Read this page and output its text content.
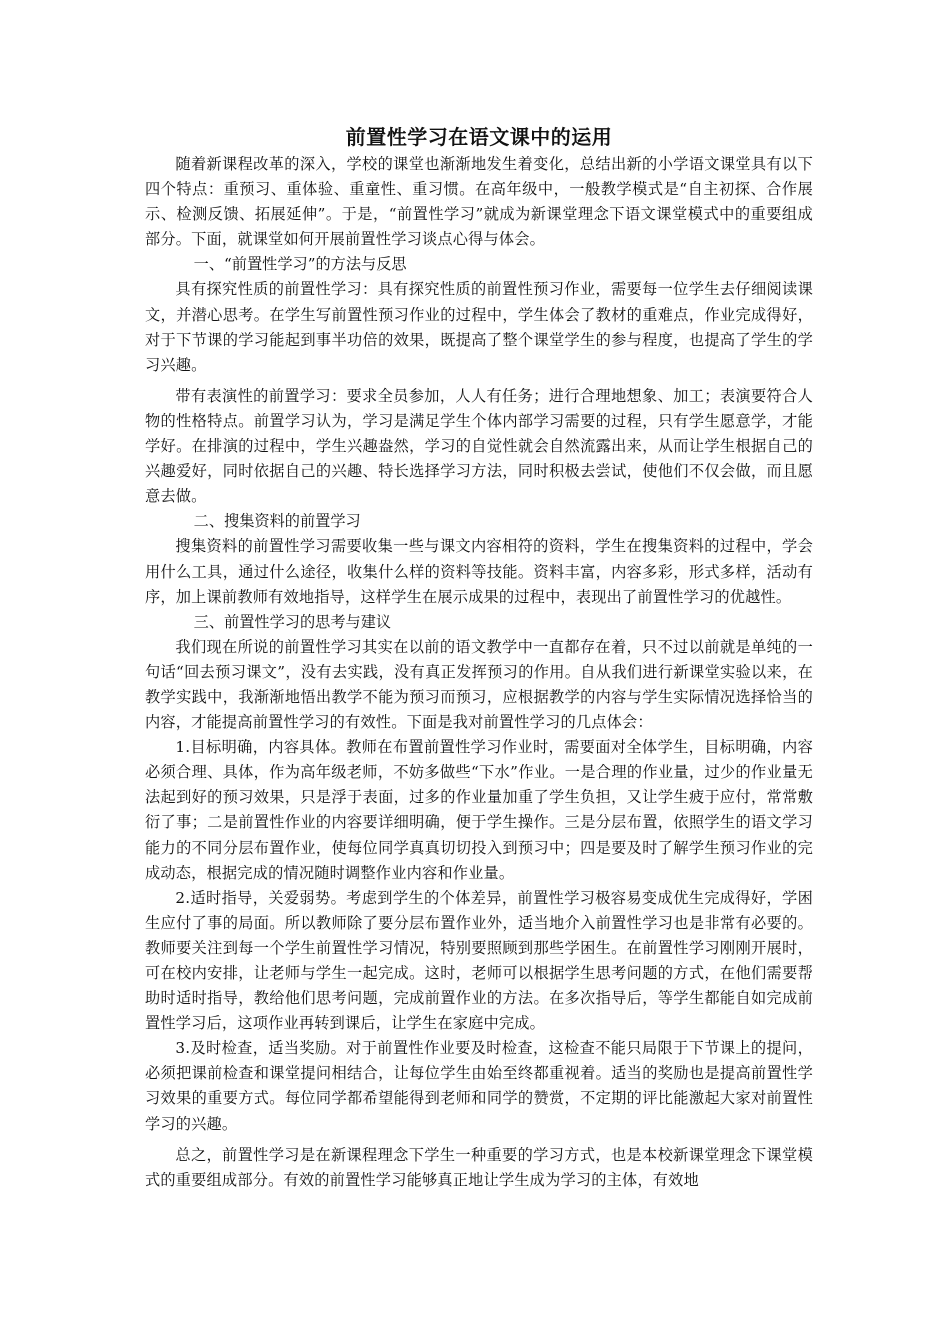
前置性学习在语文课中的运用

随着新课程改革的深入，学校的课堂也渐渐地发生着变化，总结出新的小学语文课堂具有以下四个特点：重预习、重体验、重童性、重习惯。在高年级中，一般教学模式是“自主初探、合作展示、检测反馈、拓展延伸”。于是，“前置性学习”就成为新课堂理念下语文课堂模式中的重要组成部分。下面，就课堂如何开展前置性学习谈点心得与体会。

一、“前置性学习”的方法与反思

具有探究性质的前置性学习：具有探究性质的前置性预习作业，需要每一位学生去仔细阅读课文，并潜心思考。在学生写前置性预习作业的过程中，学生体会了教材的重难点，作业完成得好，对于下节课的学习能起到事半功倍的效果，既提高了整个课堂学生的参与程度，也提高了学生的学习兴趣。

带有表演性的前置学习：要求全员参加，人人有任务；进行合理地想象、加工；表演要符合人物的性格特点。前置学习认为，学习是满足学生个体内部学习需要的过程，只有学生愿意学，才能学好。在排演的过程中，学生兴趣盎然，学习的自觉性就会自然流露出来，从而让学生根据自己的兴趣爱好，同时依据自己的兴趣、特长选择学习方法，同时积极去尝试，使他们不仅会做，而且愿意去做。

二、搜集资料的前置学习

搜集资料的前置性学习需要收集一些与课文内容相符的资料，学生在搜集资料的过程中，学会用什么工具，通过什么途径，收集什么样的资料等技能。资料丰富，内容多彩，形式多样，活动有序，加上课前教师有效地指导，这样学生在展示成果的过程中，表现出了前置性学习的优越性。

三、前置性学习的思考与建议

我们现在所说的前置性学习其实在以前的语文教学中一直都存在着，只不过以前就是单纯的一句话“回去预习课文”，没有去实践，没有真正发挥预习的作用。自从我们进行新课堂实验以来，在教学实践中，我渐渐地悟出教学不能为预习而预习，应根据教学的内容与学生实际情况选择恰当的内容，才能提高前置性学习的有效性。下面是我对前置性学习的几点体会：

1.目标明确，内容具体。教师在布置前置性学习作业时，需要面对全体学生，目标明确，内容必须合理、具体，作为高年级老师，不妨多做些“下水”作业。一是合理的作业量，过少的作业量无法起到好的预习效果，只是浮于表面，过多的作业量加重了学生负担，又让学生疲于应付，常常敷衍了事；二是前置性作业的内容要详细明确，便于学生操作。三是分层布置，依照学生的语文学习能力的不同分层布置作业，使每位同学真真切切投入到预习中；四是要及时了解学生预习作业的完成动态，根据完成的情况随时调整作业内容和作业量。

2.适时指导，关爱弱势。考虑到学生的个体差异，前置性学习极容易变成优生完成得好，学困生应付了事的局面。所以教师除了要分层布置作业外，适当地介入前置性学习也是非常有必要的。教师要关注到每一个学生前置性学习情况，特别要照顾到那些学困生。在前置性学习刚刚开展时，可在校内安排，让老师与学生一起完成。这时，老师可以根据学生思考问题的方式，在他们需要帮助时适时指导，教给他们思考问题，完成前置作业的方法。在多次指导后，等学生都能自如完成前置性学习后，这项作业再转到课后，让学生在家庭中完成。

3.及时检查，适当奖励。对于前置性作业要及时检查，这检查不能只局限于下节课上的提问，必须把课前检查和课堂提问相结合，让每位学生由始至终都重视着。适当的奖励也是提高前置性学习效果的重要方式。每位同学都希望能得到老师和同学的赞赏，不定期的评比能激起大家对前置性学习的兴趣。

总之，前置性学习是在新课程理念下学生一种重要的学习方式，也是本校新课堂理念下课堂模式的重要组成部分。有效的前置性学习能够真正地让学生成为学习的主体，有效地
